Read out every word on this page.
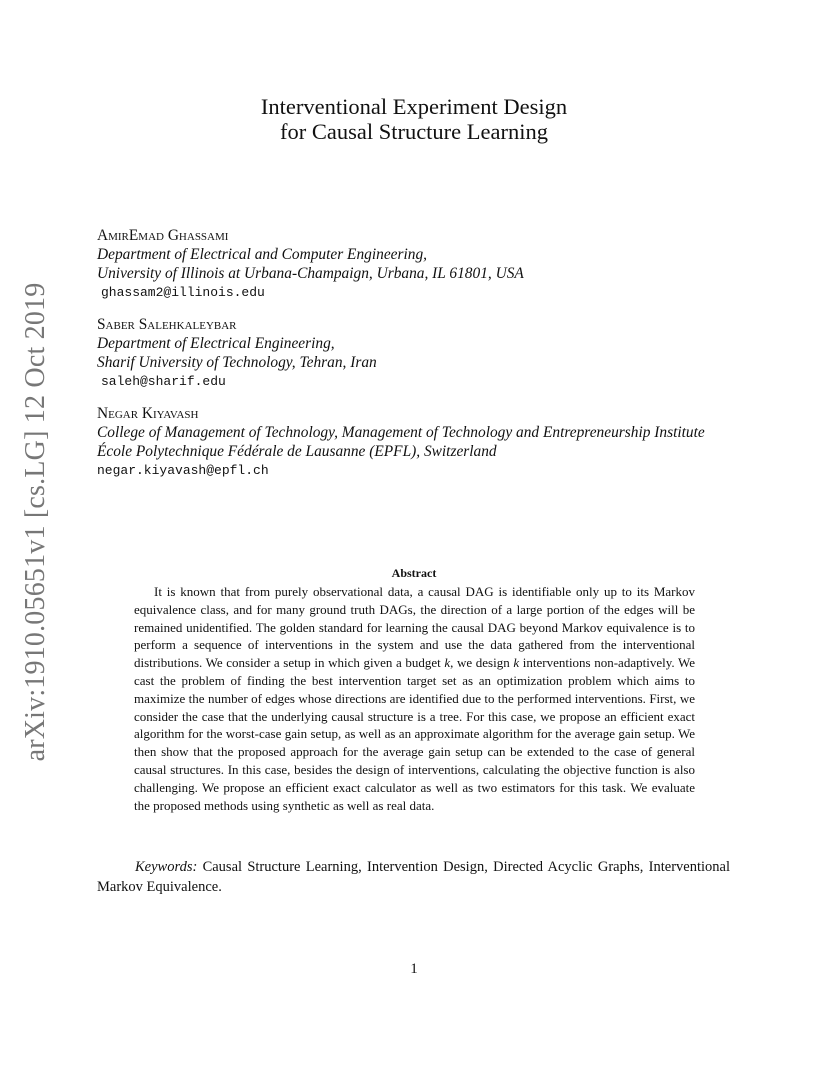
arXiv:1910.05651v1 [cs.LG] 12 Oct 2019
Interventional Experiment Design
for Causal Structure Learning
AmirEmad Ghassami
Department of Electrical and Computer Engineering,
University of Illinois at Urbana-Champaign, Urbana, IL 61801, USA
ghassam2@illinois.edu
Saber Salehkaleybar
Department of Electrical Engineering,
Sharif University of Technology, Tehran, Iran
saleh@sharif.edu
Negar Kiyavash
College of Management of Technology, Management of Technology and Entrepreneurship Institute
École Polytechnique Fédérale de Lausanne (EPFL), Switzerland
negar.kiyavash@epfl.ch
Abstract
It is known that from purely observational data, a causal DAG is identifiable only up to its Markov equivalence class, and for many ground truth DAGs, the direction of a large portion of the edges will be remained unidentified. The golden standard for learning the causal DAG beyond Markov equivalence is to perform a sequence of interventions in the system and use the data gathered from the interventional distributions. We consider a setup in which given a budget k, we design k interventions non-adaptively. We cast the problem of finding the best intervention target set as an optimization problem which aims to maximize the number of edges whose directions are identified due to the performed interventions. First, we consider the case that the underlying causal structure is a tree. For this case, we propose an efficient exact algorithm for the worst-case gain setup, as well as an approximate algorithm for the average gain setup. We then show that the proposed approach for the average gain setup can be extended to the case of general causal structures. In this case, besides the design of interventions, calculating the objective function is also challenging. We propose an efficient exact calculator as well as two estimators for this task. We evaluate the proposed methods using synthetic as well as real data.
Keywords: Causal Structure Learning, Intervention Design, Directed Acyclic Graphs, Interventional Markov Equivalence.
1
